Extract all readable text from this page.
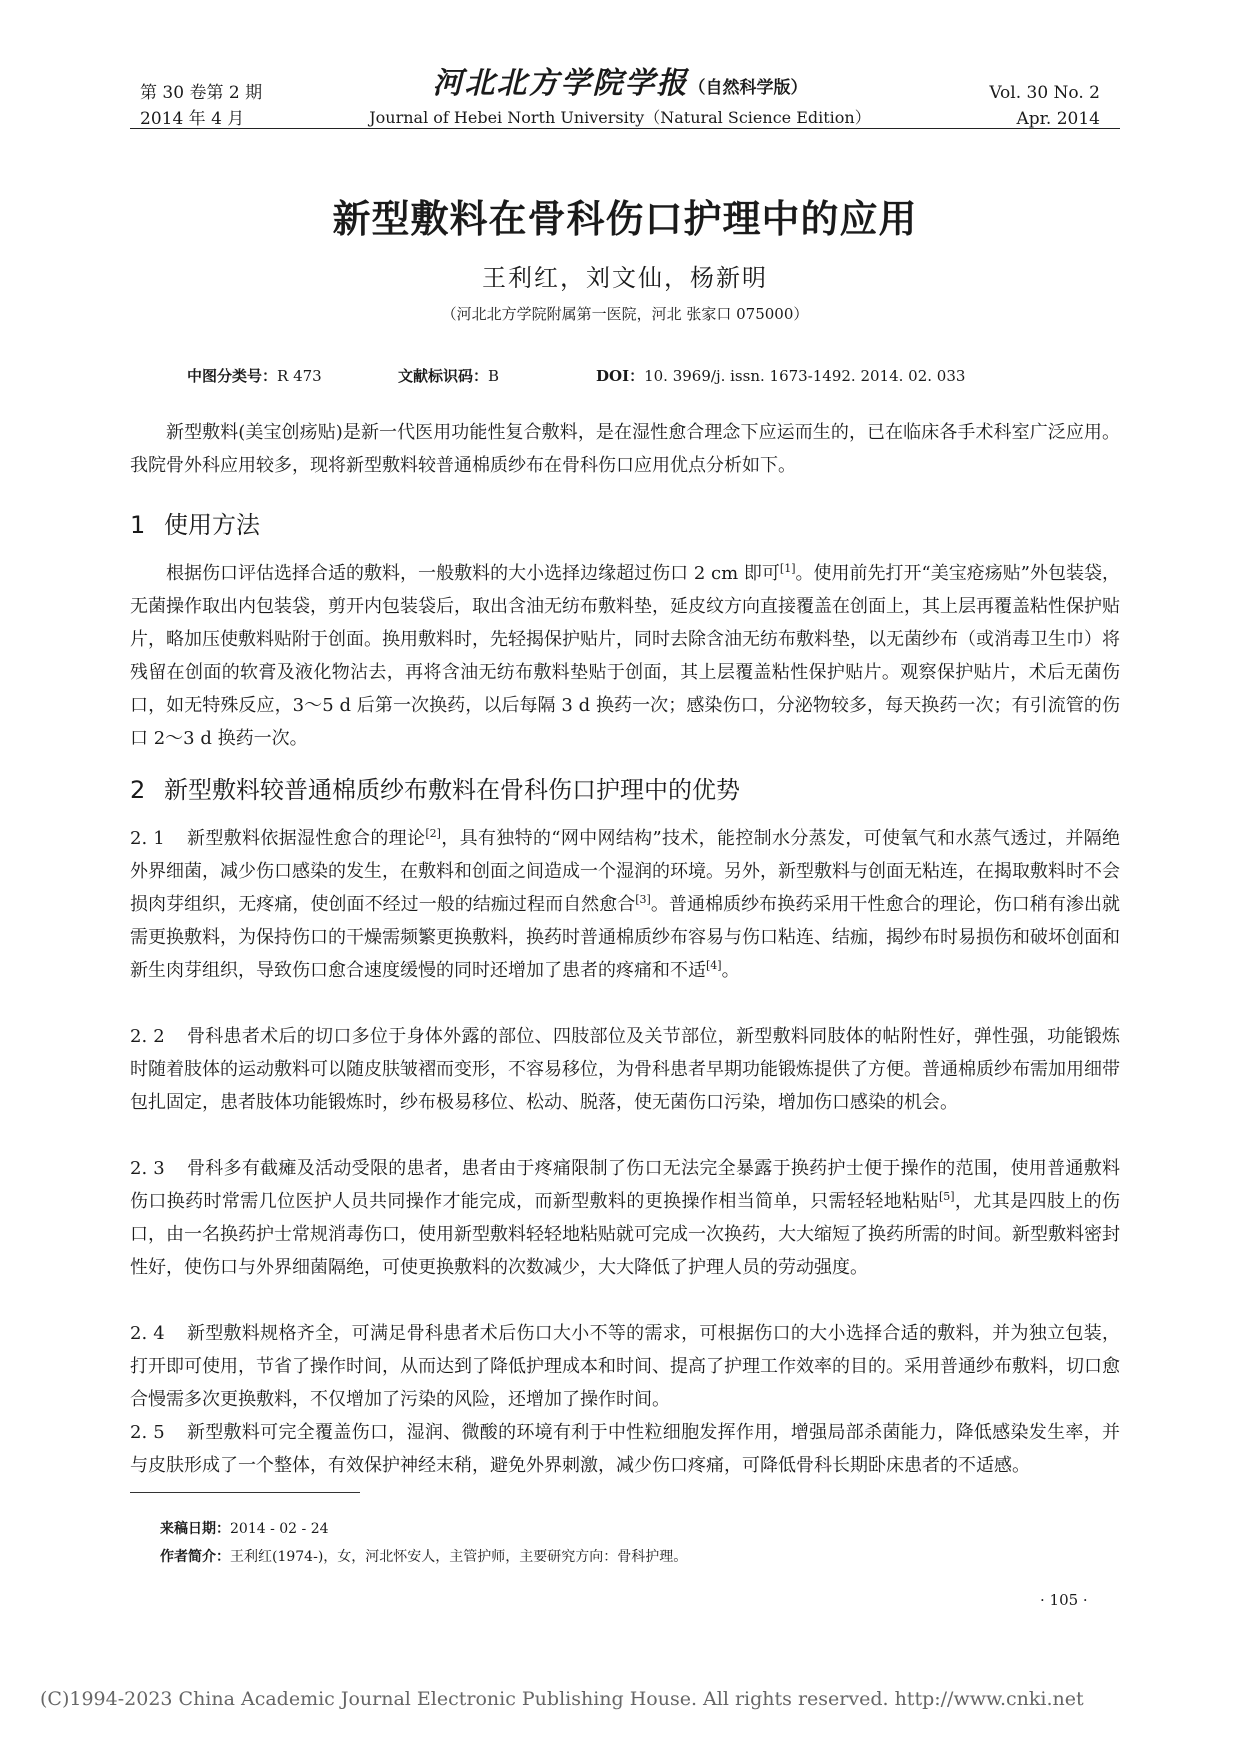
第 30 卷第 2 期
2014 年 4 月
河北北方学院学报（自然科学版）
Journal of Hebei North University（Natural Science Edition）
Vol. 30 No. 2
Apr. 2014
新型敷料在骨科伤口护理中的应用
王利红，刘文仙，杨新明
（河北北方学院附属第一医院，河北 张家口 075000）
中图分类号：R 473	文献标识码：B	DOI：10. 3969/j. issn. 1673-1492. 2014. 02. 033
新型敷料(美宝创疡贴)是新一代医用功能性复合敷料，是在湿性愈合理念下应运而生的，已在临床各手术科室广泛应用。我院骨外科应用较多，现将新型敷料较普通棉质纱布在骨科伤口应用优点分析如下。
1 使用方法
根据伤口评估选择合适的敷料，一般敷料的大小选择边缘超过伤口 2 cm 即可[1]。使用前先打开“美宝疮疡贴”外包装袋，无菌操作取出内包装袋，剪开内包装袋后，取出含油无纺布敷料垫，延皮纹方向直接覆盖在创面上，其上层再覆盖粘性保护贴片，略加压使敷料贴附于创面。换用敷料时，先轻揭保护贴片，同时去除含油无纺布敷料垫，以无菌纱布（或消毒卫生巾）将残留在创面的软膏及液化物沾去，再将含油无纺布敷料垫贴于创面，其上层覆盖粘性保护贴片。观察保护贴片，术后无菌伤口，如无特殊反应，3～5 d 后第一次换药，以后每隔 3 d 换药一次；感染伤口，分泌物较多，每天换药一次；有引流管的伤口 2～3 d 换药一次。
2 新型敷料较普通棉质纱布敷料在骨科伤口护理中的优势
2. 1 新型敷料依据湿性愈合的理论[2]，具有独特的“网中网结构”技术，能控制水分蒸发，可使氧气和水蒸气透过，并隔绝外界细菌，减少伤口感染的发生，在敷料和创面之间造成一个湿润的环境。另外，新型敷料与创面无粘连，在揭取敷料时不会损肉芽组织，无疼痛，使创面不经过一般的结痂过程而自然愈合[3]。普通棉质纱布换药采用干性愈合的理论，伤口稍有渗出就需更换敷料，为保持伤口的干燥需频繁更换敷料，换药时普通棉质纱布容易与伤口粘连、结痂，揭纱布时易损伤和破坏创面和新生肉芽组织，导致伤口愈合速度缓慢的同时还增加了患者的疼痛和不适[4]。
2. 2 骨科患者术后的切口多位于身体外露的部位、四肢部位及关节部位，新型敷料同肢体的帖附性好，弹性强，功能锻炼时随着肢体的运动敷料可以随皮肤皱褶而变形，不容易移位，为骨科患者早期功能锻炼提供了方便。普通棉质纱布需加用细带包扎固定，患者肢体功能锻炼时，纱布极易移位、松动、脱落，使无菌伤口污染，增加伤口感染的机会。
2. 3 骨科多有截瘫及活动受限的患者，患者由于疼痛限制了伤口无法完全暴露于换药护士便于操作的范围，使用普通敷料伤口换药时常需几位医护人员共同操作才能完成，而新型敷料的更换操作相当简单，只需轻轻地粘贴[5]，尤其是四肢上的伤口，由一名换药护士常规消毒伤口，使用新型敷料轻轻地粘贴就可完成一次换药，大大缩短了换药所需的时间。新型敷料密封性好，使伤口与外界细菌隔绝，可使更换敷料的次数减少，大大降低了护理人员的劳动强度。
2. 4 新型敷料规格齐全，可满足骨科患者术后伤口大小不等的需求，可根据伤口的大小选择合适的敷料，并为独立包装，打开即可使用，节省了操作时间，从而达到了降低护理成本和时间、提高了护理工作效率的目的。采用普通纱布敷料，切口愈合慢需多次更换敷料，不仅增加了污染的风险，还增加了操作时间。
2. 5 新型敷料可完全覆盖伤口，湿润、微酸的环境有利于中性粒细胞发挥作用，增强局部杀菌能力，降低感染发生率，并与皮肤形成了一个整体，有效保护神经末稍，避免外界刺激，减少伤口疼痛，可降低骨科长期卧床患者的不适感。
来稿日期：2014 - 02 - 24
作者简介：王利红(1974-)，女，河北怀安人，主管护师，主要研究方向：骨科护理。
· 105 ·
(C)1994-2023 China Academic Journal Electronic Publishing House. All rights reserved. http://www.cnki.net
